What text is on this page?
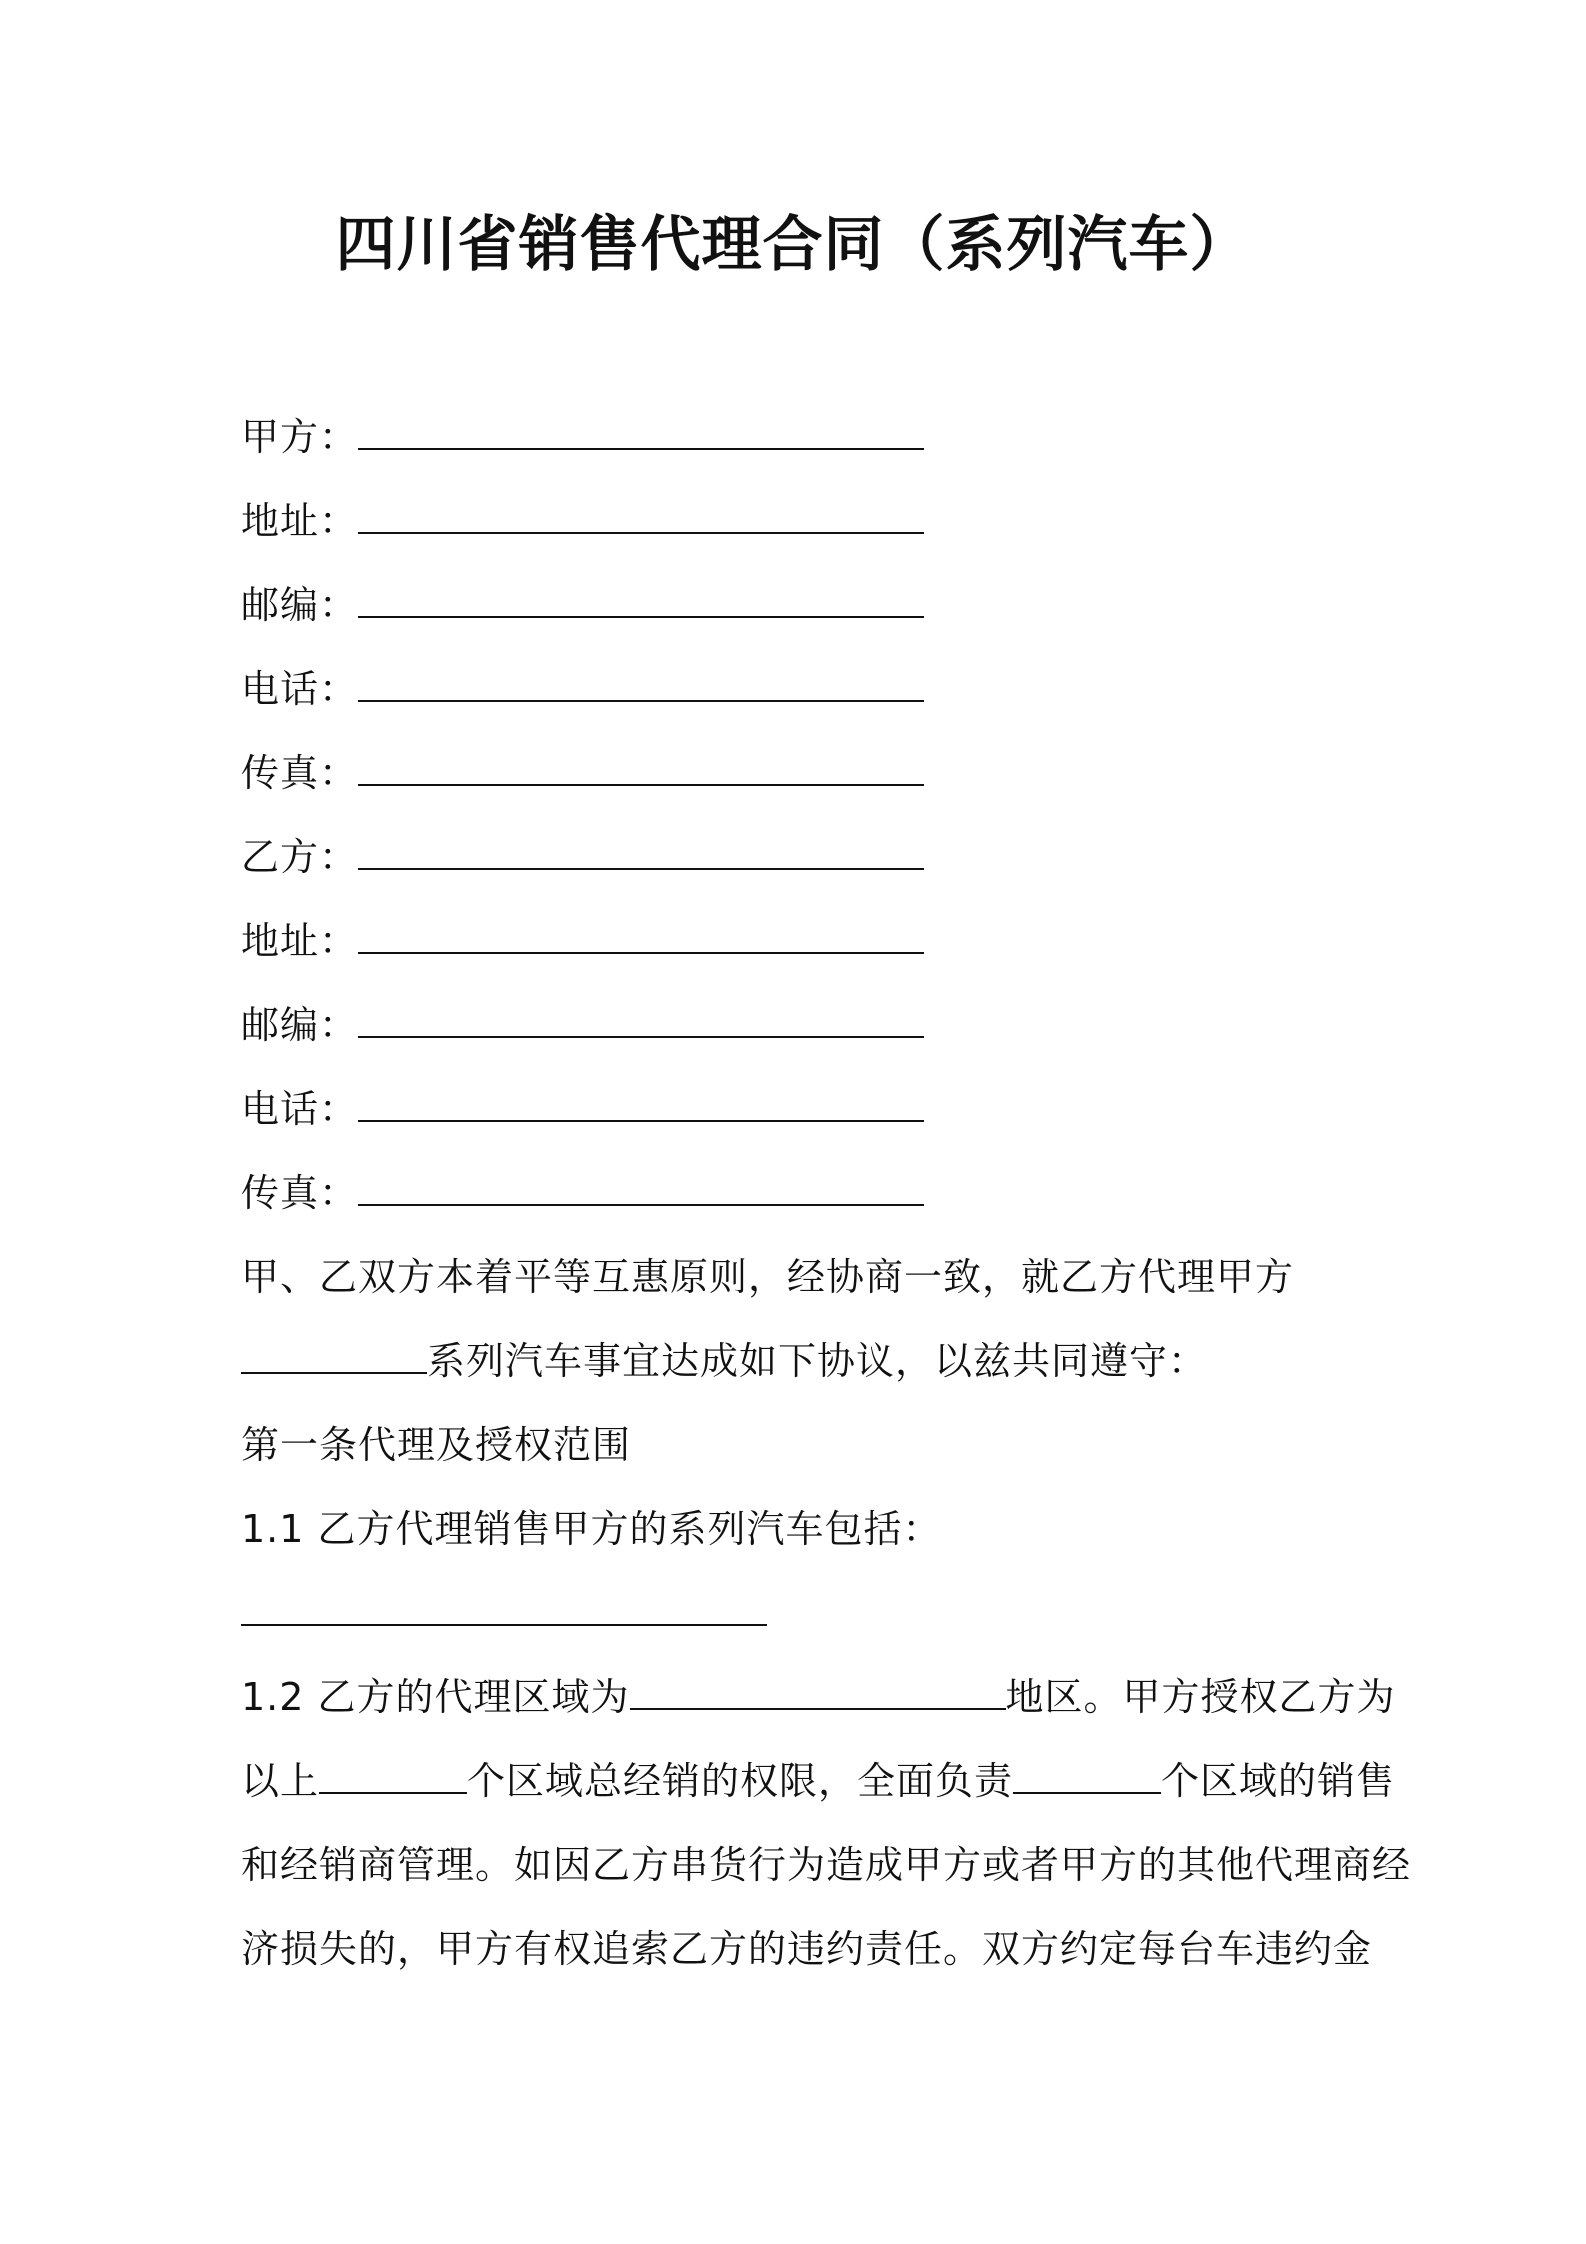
四川省销售代理合同（系列汽车）
甲方：
地址：
邮编：
电话：
传真：
乙方：
地址：
邮编：
电话：
传真：
甲、乙双方本着平等互惠原则，经协商一致，就乙方代理甲方
系列汽车事宜达成如下协议，以兹共同遵守：
第一条代理及授权范围
1.1 乙方代理销售甲方的系列汽车包括：
1.2 乙方的代理区域为	地区。甲方授权乙方为
以上	个区域总经销的权限，全面负责	个区域的销售
和经销商管理。如因乙方串货行为造成甲方或者甲方的其他代理商经
济损失的，甲方有权追索乙方的违约责任。双方约定每台车违约金
